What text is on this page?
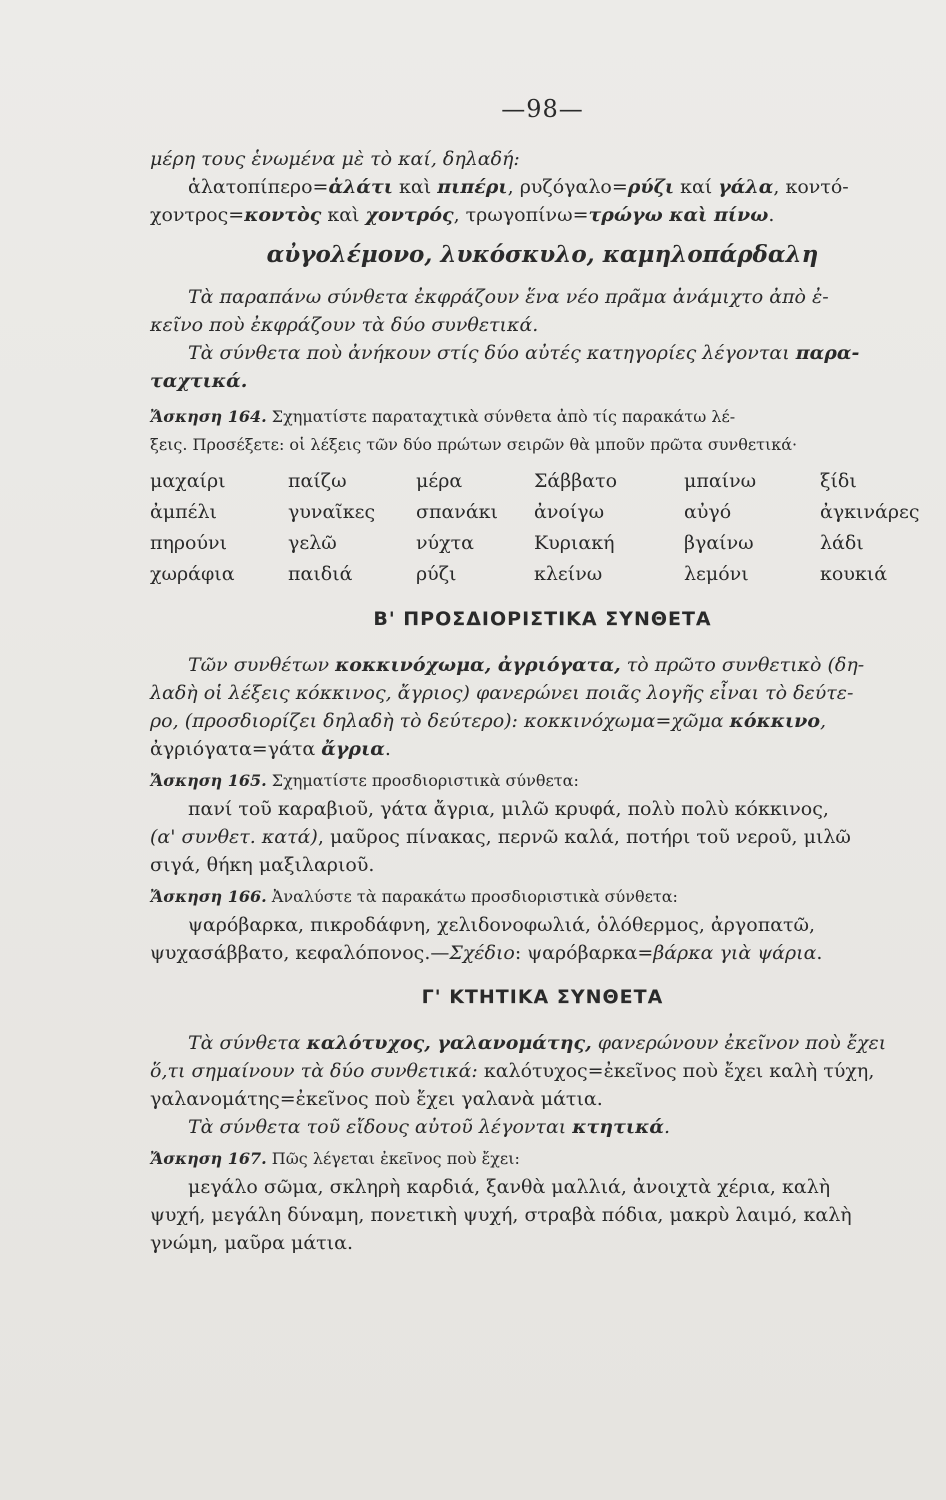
—98—

μέρη τους ἑνωμένα μὲ τὸ καί, δηλαδή:

ἁλατοπίπερο=ἁλάτι καὶ πιπέρι, ρυζόγαλο=ρύζι καί γάλα, κοντό-

χοντρος=κοντὸς καὶ χοντρός, τρωγοπίνω=τρώγω καὶ πίνω.

αὐγολέμονο, λυκόσκυλο, καμηλοπάρδαλη

Τὰ παραπάνω σύνθετα ἐκφράζουν ἕνα νέο πρᾶμα ἀνάμιχτο ἀπὸ ἐ-

κεῖνο ποὺ ἐκφράζουν τὰ δύο συνθετικά.

Τὰ σύνθετα ποὺ ἀνήκουν στίς δύο αὐτές κατηγορίες λέγονται παρα-

ταχτικά.

Ἄσκηση 164. Σχηματίστε παραταχτικὰ σύνθετα ἀπὸ τίς παρακάτω λέ-

ξεις. Προσέξετε: οἱ λέξεις τῶν δύο πρώτων σειρῶν θὰ μποῦν πρῶτα συνθετικά·

μαχαίρι	παίζω	μέρα	Σάββατο	μπαίνω	ξίδι
ἀμπέλι	γυναῖκες	σπανάκι	ἀνοίγω	αὐγό	ἀγκινάρες
πηρούνι	γελῶ	νύχτα	Κυριακή	βγαίνω	λάδι
χωράφια	παιδιά	ρύζι	κλείνω	λεμόνι	κουκιά
Β' ΠΡΟΣΔΙΟΡΙΣΤΙΚΑ ΣΥΝΘΕΤΑ

Τῶν συνθέτων κοκκινόχωμα, ἀγριόγατα, τὸ πρῶτο συνθετικὸ (δη-

λαδὴ οἱ λέξεις κόκκινος, ἄγριος) φανερώνει ποιᾶς λογῆς εἶναι τὸ δεύτε-

ρο, (προσδιορίζει δηλαδὴ τὸ δεύτερο): κοκκινόχωμα=χῶμα κόκκινο,

ἀγριόγατα=γάτα ἄγρια.

Ἄσκηση 165. Σχηματίστε προσδιοριστικὰ σύνθετα:

πανί τοῦ καραβιοῦ, γάτα ἄγρια, μιλῶ κρυφά, πολὺ πολὺ κόκκινος,

(α' συνθετ. κατά), μαῦρος πίνακας, περνῶ καλά, ποτήρι τοῦ νεροῦ, μιλῶ

σιγά, θήκη μαξιλαριοῦ.

Ἄσκηση 166. Ἀναλύστε τὰ παρακάτω προσδιοριστικὰ σύνθετα:

ψαρόβαρκα, πικροδάφνη, χελιδονοφωλιά, ὁλόθερμος, ἀργοπατῶ,

ψυχασάββατο, κεφαλόπονος.—Σχέδιο: ψαρόβαρκα=βάρκα γιὰ ψάρια.

Γ' ΚΤΗΤΙΚΑ ΣΥΝΘΕΤΑ

Τὰ σύνθετα καλότυχος, γαλανομάτης, φανερώνουν ἐκεῖνον ποὺ ἔχει

ὅ,τι σημαίνουν τὰ δύο συνθετικά: καλότυχος=ἐκεῖνος ποὺ ἔχει καλὴ τύχη,

γαλανομάτης=ἐκεῖνος ποὺ ἔχει γαλανὰ μάτια.

Τὰ σύνθετα τοῦ εἴδους αὐτοῦ λέγονται κτητικά.

Ἄσκηση 167. Πῶς λέγεται ἐκεῖνος ποὺ ἔχει:

μεγάλο σῶμα, σκληρὴ καρδιά, ξανθὰ μαλλιά, ἀνοιχτὰ χέρια, καλὴ

ψυχή, μεγάλη δύναμη, πονετικὴ ψυχή, στραβὰ πόδια, μακρὺ λαιμό, καλὴ

γνώμη, μαῦρα μάτια.
